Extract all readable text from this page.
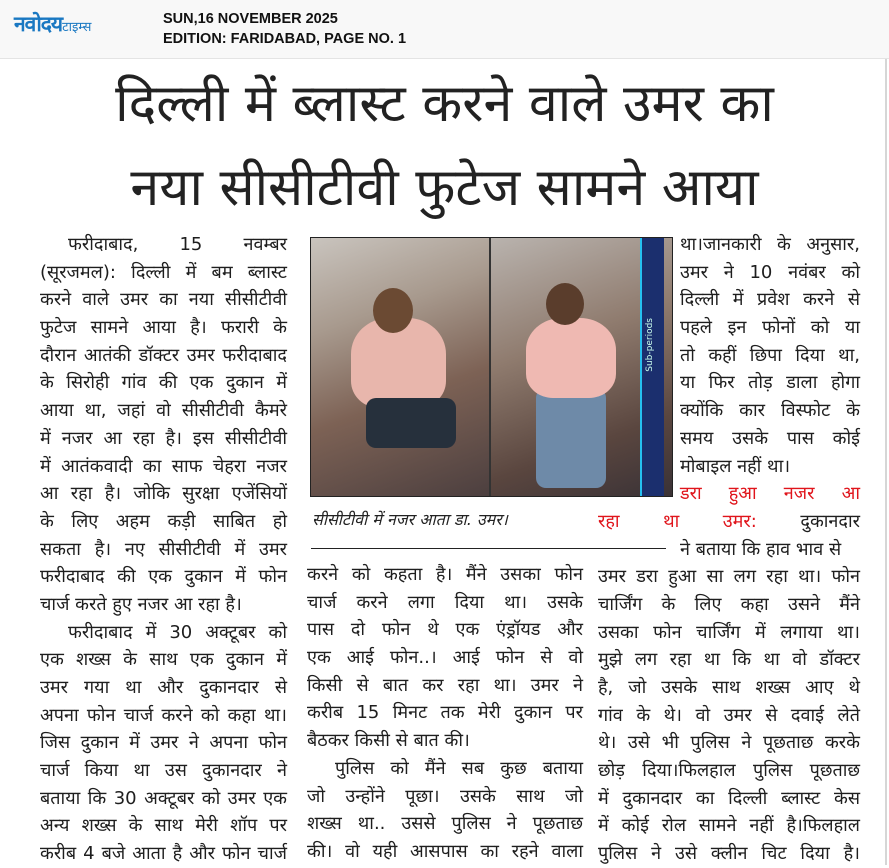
नवोदयटाइम्स
SUN,16 NOVEMBER 2025
EDITION: FARIDABAD, PAGE NO. 1
दिल्ली में ब्लास्ट करने वाले उमर का
नया सीसीटीवी फुटेज सामने आया
फरीदाबाद, 15 नवम्बर
(सूरजमल): दिल्ली में बम ब्लास्ट
करने वाले उमर का नया सीसीटीवी
फुटेज सामने आया है। फरारी के
दौरान आतंकी डॉक्टर उमर फरीदाबाद
के सिरोही गांव की एक दुकान में
आया था, जहां वो सीसीटीवी कैमरे
में नजर आ रहा है। इस सीसीटीवी
में आतंकवादी का साफ चेहरा नजर
आ रहा है। जोकि सुरक्षा एजेंसियों
के लिए अहम कड़ी साबित हो
सकता है। नए सीसीटीवी में उमर
फरीदाबाद की एक दुकान में फोन
चार्ज करते हुए नजर आ रहा है।
फरीदाबाद में 30 अक्टूबर को
एक शख्स के साथ एक दुकान में
उमर गया था और दुकानदार से
अपना फोन चार्ज करने को कहा था।
जिस दुकान में उमर ने अपना फोन
चार्ज किया था उस दुकानदार ने
बताया कि 30 अक्टूबर को उमर एक
अन्य शख्स के साथ मेरी शॉप पर
करीब 4 बजे आता है और फोन चार्ज
Sub-periods
सीसीटीवी में नजर आता डा. उमर।
करने को कहता है। मैंने उसका फोन
चार्ज करने लगा दिया था। उसके
पास दो फोन थे एक एंड्रॉयड और
एक आई फोन..। आई फोन से वो
किसी से बात कर रहा था। उमर ने
करीब 15 मिनट तक मेरी दुकान पर
बैठकर किसी से बात की।
पुलिस को मैंने सब कुछ बताया
जो उन्होंने पूछा। उसके साथ जो
शख्स था.. उससे पुलिस ने पूछताछ
की। वो यही आसपास का रहने वाला
था।जानकारी के अनुसार,
उमर ने 10 नवंबर को
दिल्ली में प्रवेश करने से
पहले इन फोनों को या
तो कहीं छिपा दिया था,
या फिर तोड़ डाला होगा
क्योंकि कार विस्फोट के
समय उसके पास कोई
मोबाइल नहीं था।
डरा हुआ नजर आ
रहा था उमर: दुकानदार
ने बताया कि हाव भाव से
उमर डरा हुआ सा लग रहा था। फोन
चार्जिंग के लिए कहा उसने मैंने
उसका फोन चार्जिंग में लगाया था।
मुझे लग रहा था कि था वो डॉक्टर
है, जो उसके साथ शख्स आए थे
गांव के थे। वो उमर से दवाई लेते
थे। उसे भी पुलिस ने पूछताछ करके
छोड़ दिया।फिलहाल पुलिस पूछताछ
में दुकानदार का दिल्ली ब्लास्ट केस
में कोई रोल सामने नहीं है।फिलहाल
पुलिस ने उसे क्लीन चिट दिया है।
